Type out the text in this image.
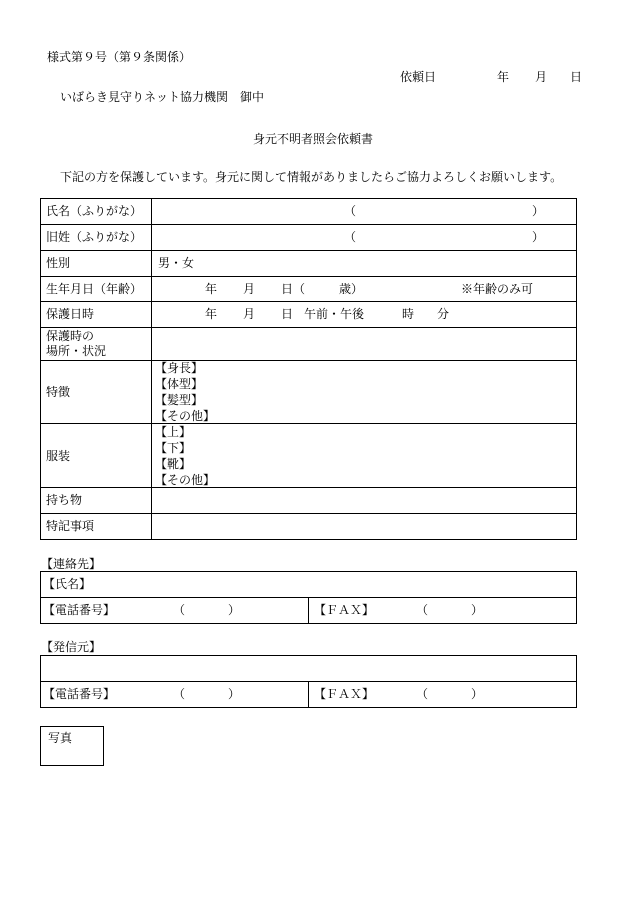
様式第９号（第９条関係）
依頼日	年 月 日
いばらき見守りネット協力機関　御中
身元不明者照会依頼書
下記の方を保護しています。身元に関して情報がありましたらご協力よろしくお願いします。
氏名（ふりがな）	（	）
旧姓（ふりがな）	（	）
性別	男・女
生年月日（年齢）	年 月 日（	歳）	※年齢のみ可
保護日時	年 月 日 午前・午後	時 分
保護時の
場所・状況
特徴
【身長】
【体型】
【髪型】
【その他】
服装
【上】
【下】
【靴】
【その他】
持ち物
特記事項
【連絡先】
【氏名】
【電話番号】	（	）	【ＦＡＸ】	（	）
【発信元】
【電話番号】	（	）	【ＦＡＸ】	（	）
写真
